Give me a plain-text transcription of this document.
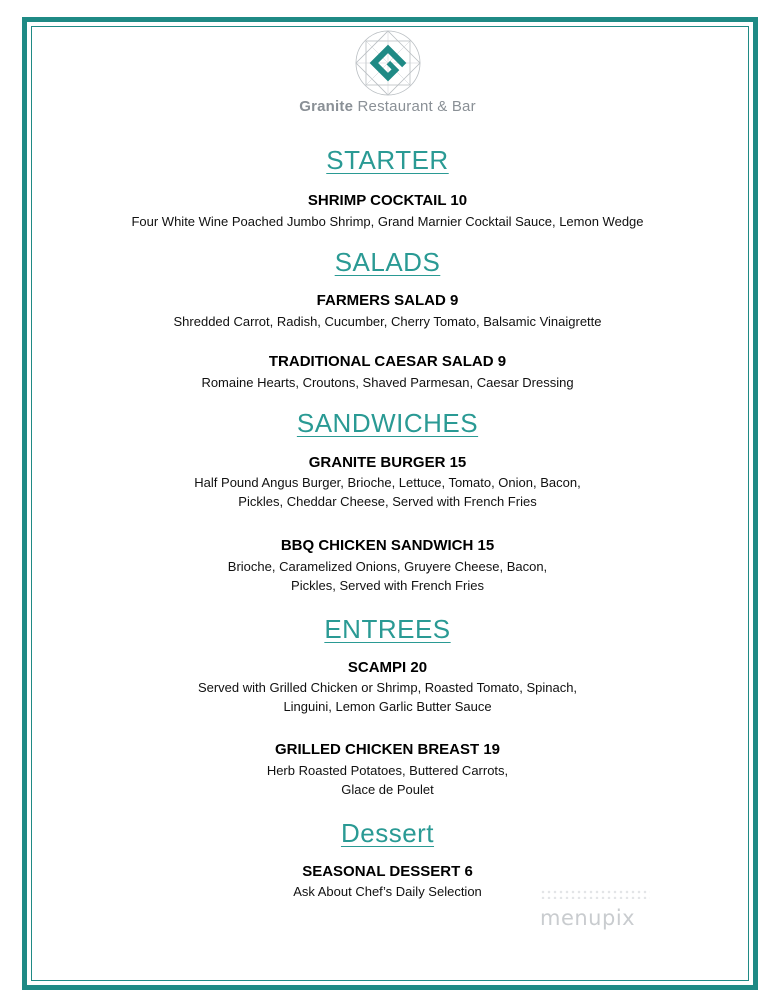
Granite Restaurant & Bar
STARTER
SHRIMP COCKTAIL 10
Four White Wine Poached Jumbo Shrimp, Grand Marnier Cocktail Sauce, Lemon Wedge
SALADS
FARMERS SALAD 9
Shredded Carrot, Radish, Cucumber, Cherry Tomato, Balsamic Vinaigrette
TRADITIONAL CAESAR SALAD 9
Romaine Hearts, Croutons, Shaved Parmesan, Caesar Dressing
SANDWICHES
GRANITE BURGER 15
Half Pound Angus Burger, Brioche, Lettuce, Tomato, Onion, Bacon,
Pickles, Cheddar Cheese, Served with French Fries
BBQ CHICKEN SANDWICH 15
Brioche, Caramelized Onions, Gruyere Cheese, Bacon,
Pickles, Served with French Fries
ENTREES
SCAMPI 20
Served with Grilled Chicken or Shrimp, Roasted Tomato, Spinach,
Linguini, Lemon Garlic Butter Sauce
GRILLED CHICKEN BREAST 19
Herb Roasted Potatoes, Buttered Carrots,
Glace de Poulet
Dessert
SEASONAL DESSERT 6
Ask About Chef’s Daily Selection
menupix
